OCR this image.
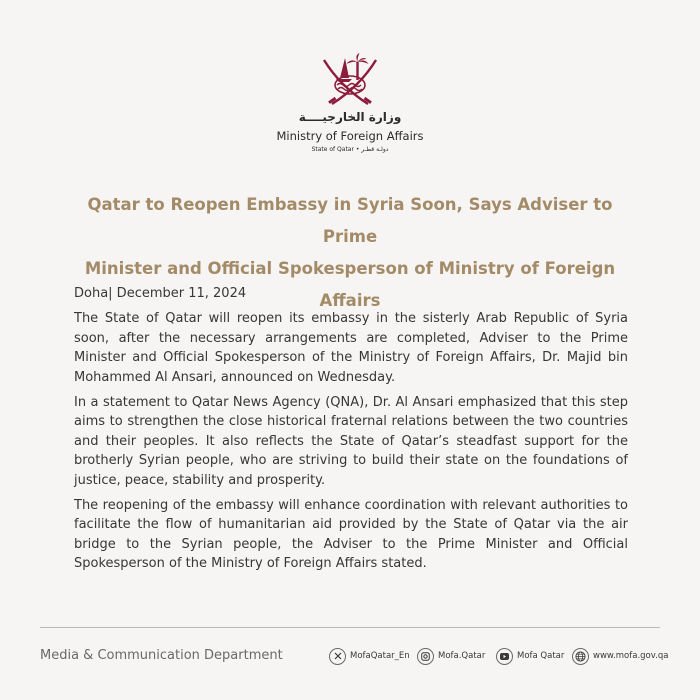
وزارة الخارجيــــة
Ministry of Foreign Affairs
State of Qatar • دولـة قطـر
Qatar to Reopen Embassy in Syria Soon, Says Adviser to Prime
Minister and Official Spokesperson of Ministry of Foreign Affairs

Doha| December 11, 2024

The State of Qatar will reopen its embassy in the sisterly Arab Republic of Syria soon, after the necessary arrangements are completed, Adviser to the Prime Minister and Official Spokesperson of the Ministry of Foreign Affairs, Dr. Majid bin Mohammed Al Ansari, announced on Wednesday.

In a statement to Qatar News Agency (QNA), Dr. Al Ansari emphasized that this step aims to strengthen the close historical fraternal relations between the two countries and their peoples. It also reflects the State of Qatar’s steadfast support for the brotherly Syrian people, who are striving to build their state on the foundations of justice, peace, stability and prosperity.

The reopening of the embassy will enhance coordination with relevant authorities to facilitate the flow of humanitarian aid provided by the State of Qatar via the air bridge to the Syrian people, the Adviser to the Prime Minister and Official Spokesperson of the Ministry of Foreign Affairs stated.

Media & Communication Department	MofaQatar_En	Mofa.Qatar	Mofa Qatar	www.mofa.gov.qa
